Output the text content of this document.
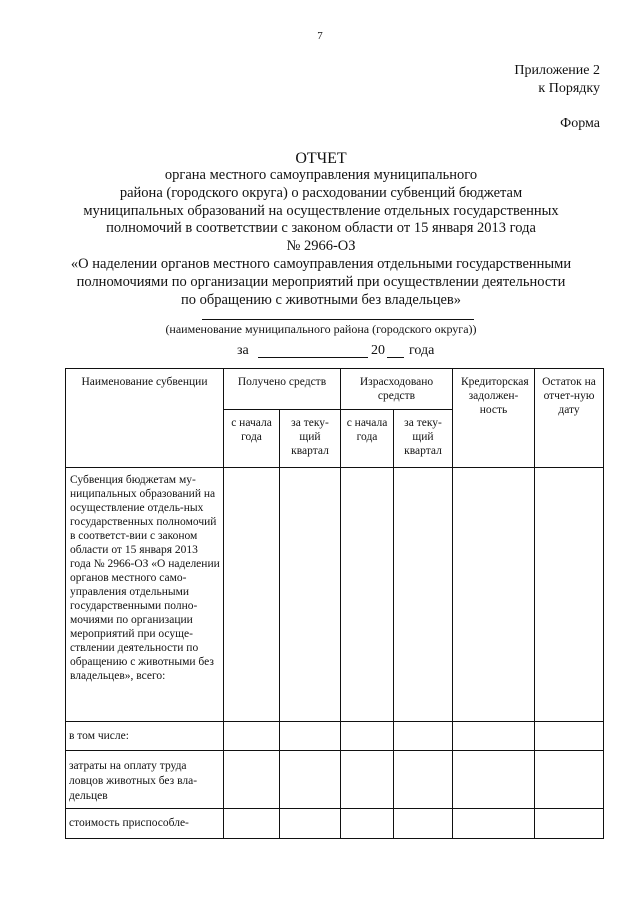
7
Приложение 2
к Порядку
Форма
ОТЧЕТ
органа местного самоуправления муниципального
района (городского округа) о расходовании субвенций бюджетам
муниципальных образований на осуществление отдельных государственных
полномочий в соответствии с законом области от 15 января 2013 года
№ 2966-ОЗ
«О наделении органов местного самоуправления отдельными государственными
полномочиями по организации мероприятий при осуществлении деятельности
по обращению с животными без владельцев»
(наименование муниципального района (городского округа))
за	20 года
Наименование субвенции	Получено средств		Израсходовано средств		Кредиторская задолжен-ность	Остаток на отчет-ную дату
	с начала года	за теку-щий квартал	с начала года	за теку-щий квартал		
Субвенция бюджетам му-ниципальных образований на осуществление отдель-ных государственных полномочий в соответст-вии с законом области от 15 января 2013 года № 2966-ОЗ «О наделении органов местного само-управления отдельными государственными полно-мочиями по организации мероприятий при осуще-ствлении деятельности по обращению с животными без владельцев», всего:						
в том числе:						
затраты на оплату труда ловцов животных без вла-дельцев						
стоимость приспособле-						
